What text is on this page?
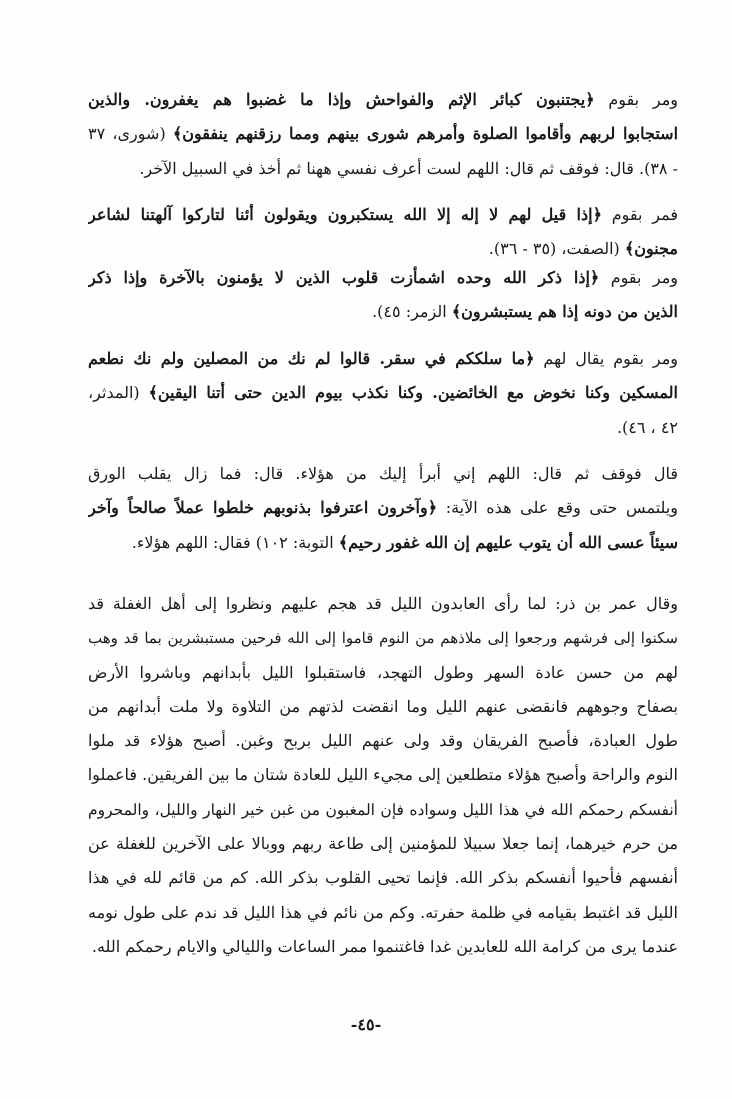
ومر بقوم ﴿يجتنبون كبائر الإثم والفواحش وإذا ما غضبوا هم يغفرون. والذين
استجابوا لربهم وأقاموا الصلوة وأمرهم شورى بينهم ومما رزقنهم ينفقون﴾ (شورى، ٣٧
- ٣٨). قال: فوقف ثم قال: اللهم لست أعرف نفسي ههنا ثم أخذ في السبيل الآخر.
فمر بقوم ﴿إذا قيل لهم لا إله إلا الله يستكبرون ويقولون أئنا لتاركوا آلهتنا لشاعر
مجنون﴾ (الصفت، (٣٥ - ٣٦).
ومر بقوم ﴿إذا ذكر الله وحده اشمأزت قلوب الذين لا يؤمنون بالآخرة وإذا ذكر
الذين من دونه إذا هم يستبشرون﴾ الزمر: ٤٥).
ومر بقوم يقال لهم ﴿ما سلككم في سقر. قالوا لم نك من المصلين ولم نك نطعم
المسكين وكنا نخوض مع الخائضين. وكنا نكذب بيوم الدين حتى أتنا اليقين﴾ (المدثر،
٤٢ ، ٤٦).
قال فوقف ثم قال: اللهم إني أبرأ إليك من هؤلاء. قال: فما زال يقلب الورق
ويلتمس حتى وقع على هذه الآية: ﴿وآخرون اعترفوا بذنوبهم خلطوا عملاً صالحاً وآخر
سيئاً عسى الله أن يتوب عليهم إن الله غفور رحيم﴾ التوبة: ١٠٢) فقال: اللهم هؤلاء.
وقال عمر بن ذر: لما رأى العابدون الليل قد هجم عليهم ونظروا إلى أهل الغفلة قد
سكنوا إلى فرشهم ورجعوا إلى ملاذهم من النوم قاموا إلى الله فرحين مستبشرين بما قد وهب
لهم من حسن عادة السهر وطول التهجد، فاستقبلوا الليل بأبدانهم وباشروا الأرض
بصفاح وجوههم فانقضى عنهم الليل وما انقضت لذتهم من التلاوة ولا ملت أبدانهم من
طول العبادة، فأصبح الفريقان وقد ولى عنهم الليل بربح وغبن. أصبح هؤلاء قد ملوا
النوم والراحة وأصبح هؤلاء متطلعين إلى مجيء الليل للعادة شتان ما بين الفريقين. فاعملوا
أنفسكم رحمكم الله في هذا الليل وسواده فإن المغبون من غبن خير النهار والليل، والمحروم
من حرم خيرهما، إنما جعلا سبيلا للمؤمنين إلى طاعة ربهم ووبالا على الآخرين للغفلة عن
أنفسهم فأحيوا أنفسكم بذكر الله. فإنما تحيى القلوب بذكر الله. كم من قائم لله في هذا
الليل قد اغتبط بقيامه في ظلمة حفرته. وكم من نائم في هذا الليل قد ندم على طول نومه
عندما يرى من كرامة الله للعابدين غدا فاغتنموا ممر الساعات والليالي والايام رحمكم الله.
-٤٥-
